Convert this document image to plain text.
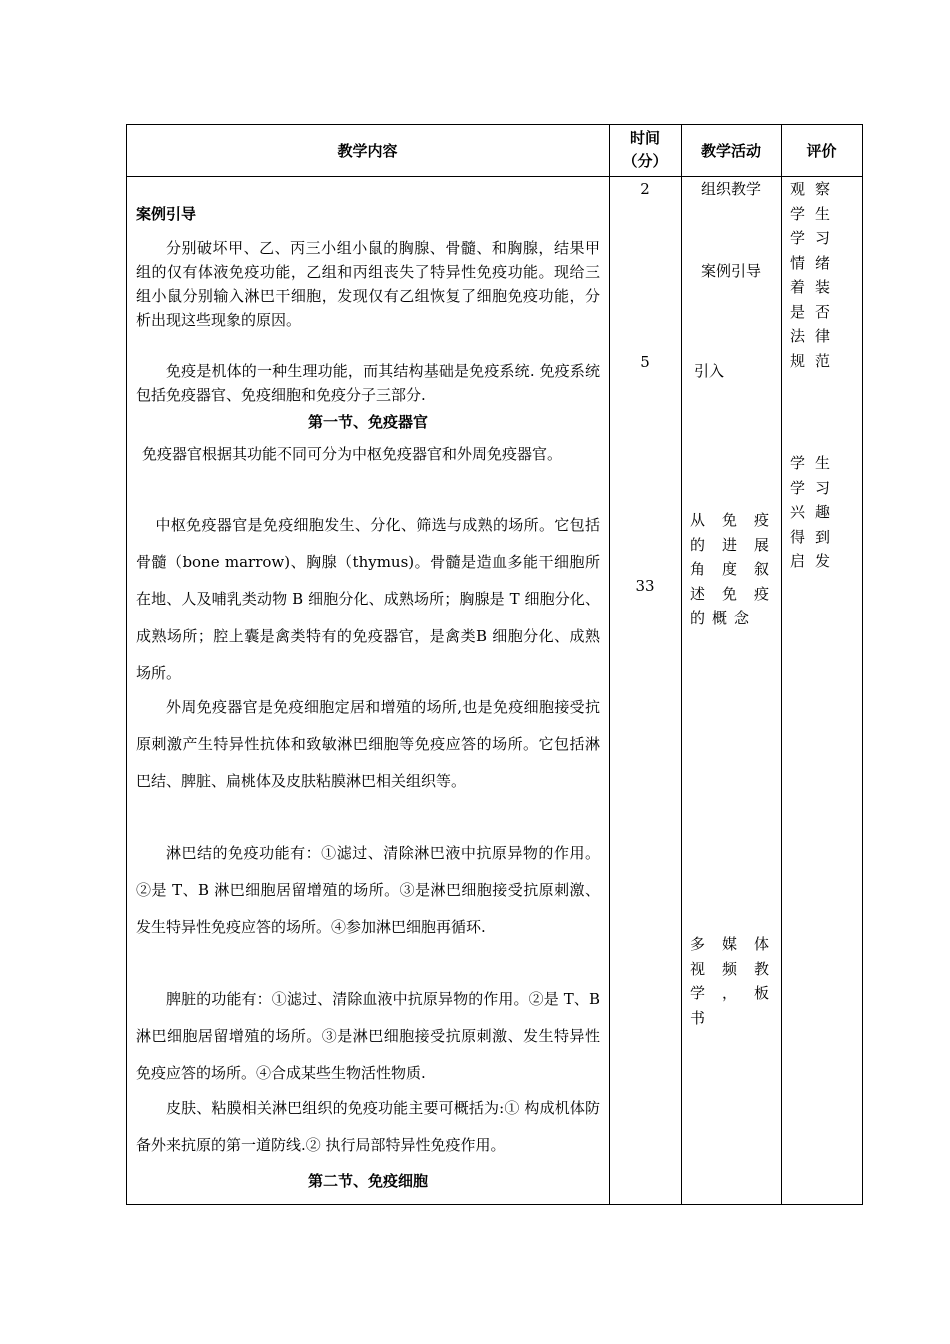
教学内容
时间
（分）
教学活动	评价
案例引导
分别破坏甲、乙、丙三小组小鼠的胸腺、骨髓、和胸腺，结果甲组的仅有体液免疫功能，乙组和丙组丧失了特异性免疫功能。现给三组小鼠分别输入淋巴干细胞，发现仅有乙组恢复了细胞免疫功能，分析出现这些现象的原因。
免疫是机体的一种生理功能，而其结构基础是免疫系统. 免疫系统包括免疫器官、免疫细胞和免疫分子三部分.
第一节、免疫器官
免疫器官根据其功能不同可分为中枢免疫器官和外周免疫器官。
中枢免疫器官是免疫细胞发生、分化、筛选与成熟的场所。它包括骨髓（bone marrow)、胸腺（thymus)。骨髓是造血多能干细胞所在地、人及哺乳类动物 B 细胞分化、成熟场所；胸腺是 T 细胞分化、成熟场所；腔上囊是禽类特有的免疫器官，是禽类B 细胞分化、成熟场所。
外周免疫器官是免疫细胞定居和增殖的场所,也是免疫细胞接受抗原刺激产生特异性抗体和致敏淋巴细胞等免疫应答的场所。它包括淋巴结、脾脏、扁桃体及皮肤粘膜淋巴相关组织等。
淋巴结的免疫功能有：①滤过、清除淋巴液中抗原异物的作用。②是 T、B 淋巴细胞居留增殖的场所。③是淋巴细胞接受抗原刺激、发生特异性免疫应答的场所。④参加淋巴细胞再循环.
脾脏的功能有：①滤过、清除血液中抗原异物的作用。②是 T、B 淋巴细胞居留增殖的场所。③是淋巴细胞接受抗原刺激、发生特异性免疫应答的场所。④合成某些生物活性物质.
皮肤、粘膜相关淋巴组织的免疫功能主要可概括为:① 构成机体防备外来抗原的第一道防线.② 执行局部特异性免疫作用。
第二节、免疫细胞
2
5
33
组织教学
案例引导
引入
从免疫的进展角度叙述免疫的概念
多媒体视频教学，板书
观察学生学习情绪着装是否法律规范
学生学习兴趣得到启发
